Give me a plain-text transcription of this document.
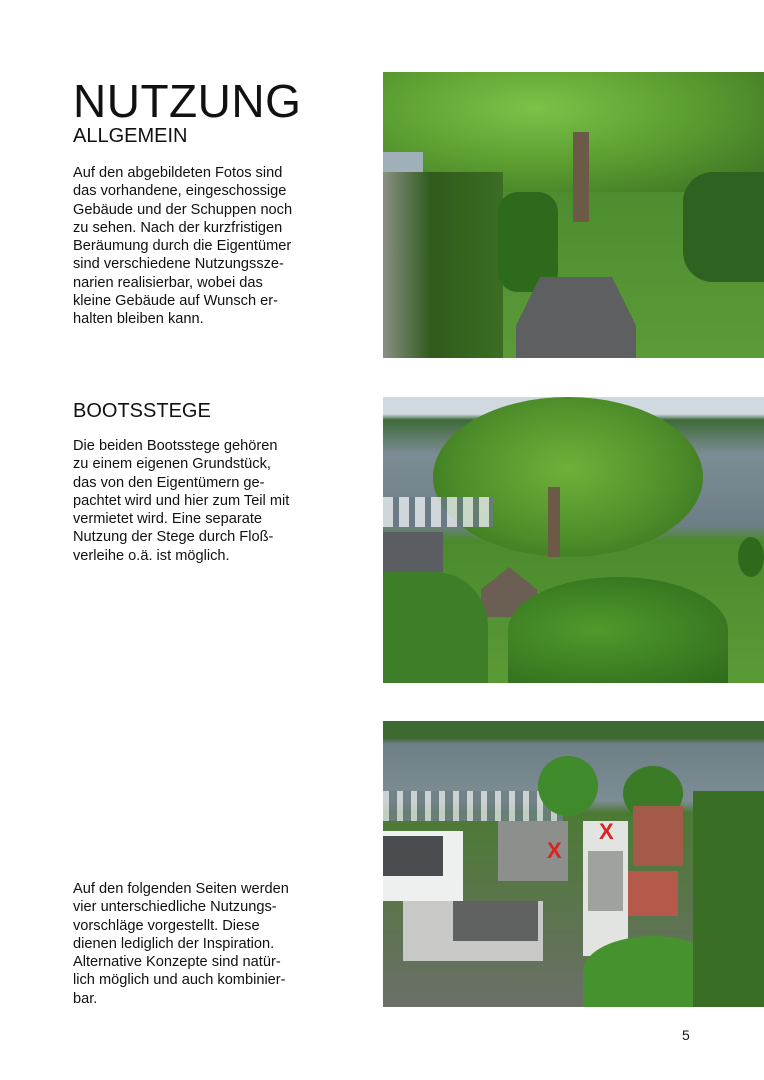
NUTZUNG
ALLGEMEIN
Auf den abgebildeten Fotos sind
das vorhandene, eingeschossige
Gebäude und der Schuppen noch
zu sehen. Nach der kurzfristigen
Beräumung durch die Eigentümer
sind verschiedene Nutzungssze-
narien realisierbar, wobei das
kleine Gebäude auf Wunsch er-
halten bleiben kann.
BOOTSSTEGE
Die beiden Bootsstege gehören
zu einem eigenen Grundstück,
das von den Eigentümern ge-
pachtet wird und hier zum Teil mit
vermietet wird. Eine separate
Nutzung der Stege durch Floß-
verleihe o.ä. ist möglich.
Auf den folgenden Seiten werden
vier unterschiedliche Nutzungs-
vorschläge vorgestellt. Diese
dienen lediglich der Inspiration.
Alternative Konzepte sind natür-
lich möglich und auch kombinier-
bar.
X
X
5
